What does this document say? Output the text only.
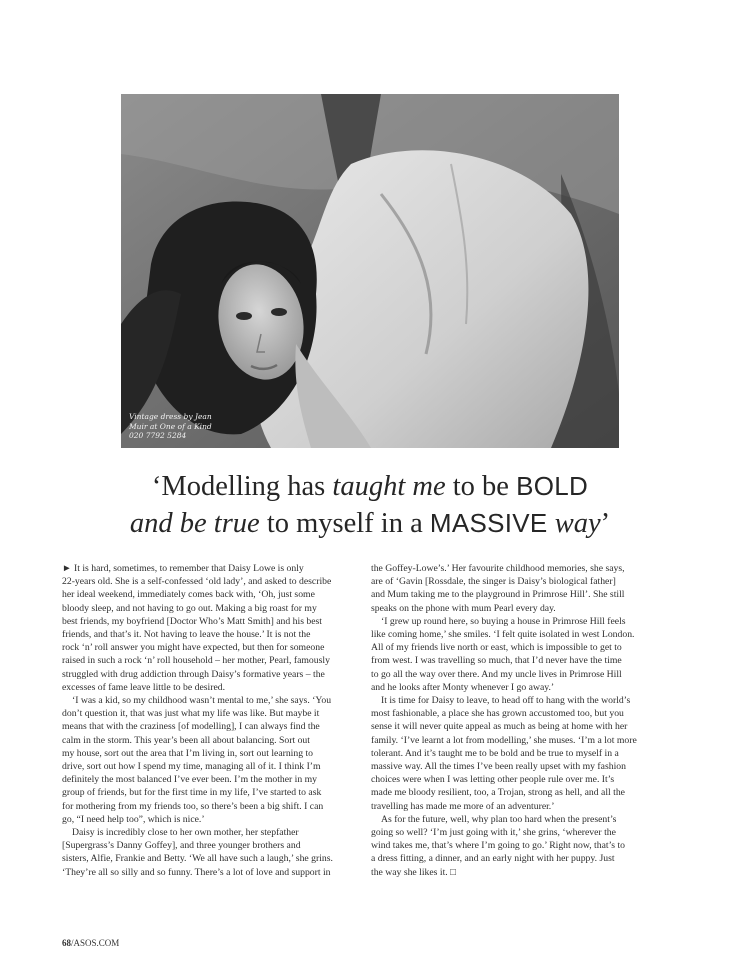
Vintage dress by Jean
Muir at One of a Kind
020 7792 5284
‘Modelling has taught me to be BOLD
and be true to myself in a MASSIVE way’
► It is hard, sometimes, to remember that Daisy Lowe is only
22-years old. She is a self-confessed ‘old lady’, and asked to describe
her ideal weekend, immediately comes back with, ‘Oh, just some
bloody sleep, and not having to go out. Making a big roast for my
best friends, my boyfriend [Doctor Who’s Matt Smith] and his best
friends, and that’s it. Not having to leave the house.’ It is not the
rock ‘n’ roll answer you might have expected, but then for someone
raised in such a rock ‘n’ roll household – her mother, Pearl, famously
struggled with drug addiction through Daisy’s formative years – the
excesses of fame leave little to be desired.
‘I was a kid, so my childhood wasn’t mental to me,’ she says. ‘You
don’t question it, that was just what my life was like. But maybe it
means that with the craziness [of modelling], I can always find the
calm in the storm. This year’s been all about balancing. Sort out
my house, sort out the area that I’m living in, sort out learning to
drive, sort out how I spend my time, managing all of it. I think I’m
definitely the most balanced I’ve ever been. I’m the mother in my
group of friends, but for the first time in my life, I’ve started to ask
for mothering from my friends too, so there’s been a big shift. I can
go, “I need help too”, which is nice.’
Daisy is incredibly close to her own mother, her stepfather
[Supergrass’s Danny Goffey], and three younger brothers and
sisters, Alfie, Frankie and Betty. ‘We all have such a laugh,’ she grins.
‘They’re all so silly and so funny. There’s a lot of love and support in
the Goffey-Lowe’s.’ Her favourite childhood memories, she says,
are of ‘Gavin [Rossdale, the singer is Daisy’s biological father]
and Mum taking me to the playground in Primrose Hill’. She still
speaks on the phone with mum Pearl every day.
‘I grew up round here, so buying a house in Primrose Hill feels
like coming home,’ she smiles. ‘I felt quite isolated in west London.
All of my friends live north or east, which is impossible to get to
from west. I was travelling so much, that I’d never have the time
to go all the way over there. And my uncle lives in Primrose Hill
and he looks after Monty whenever I go away.’
It is time for Daisy to leave, to head off to hang with the world’s
most fashionable, a place she has grown accustomed too, but you
sense it will never quite appeal as much as being at home with her
family. ‘I’ve learnt a lot from modelling,’ she muses. ‘I’m a lot more
tolerant. And it’s taught me to be bold and be true to myself in a
massive way. All the times I’ve been really upset with my fashion
choices were when I was letting other people rule over me. It’s
made me bloody resilient, too, a Trojan, strong as hell, and all the
travelling has made me more of an adventurer.’
As for the future, well, why plan too hard when the present’s
going so well? ‘I’m just going with it,’ she grins, ‘wherever the
wind takes me, that’s where I’m going to go.’ Right now, that’s to
a dress fitting, a dinner, and an early night with her puppy. Just
the way she likes it. □
68/ASOS.COM
